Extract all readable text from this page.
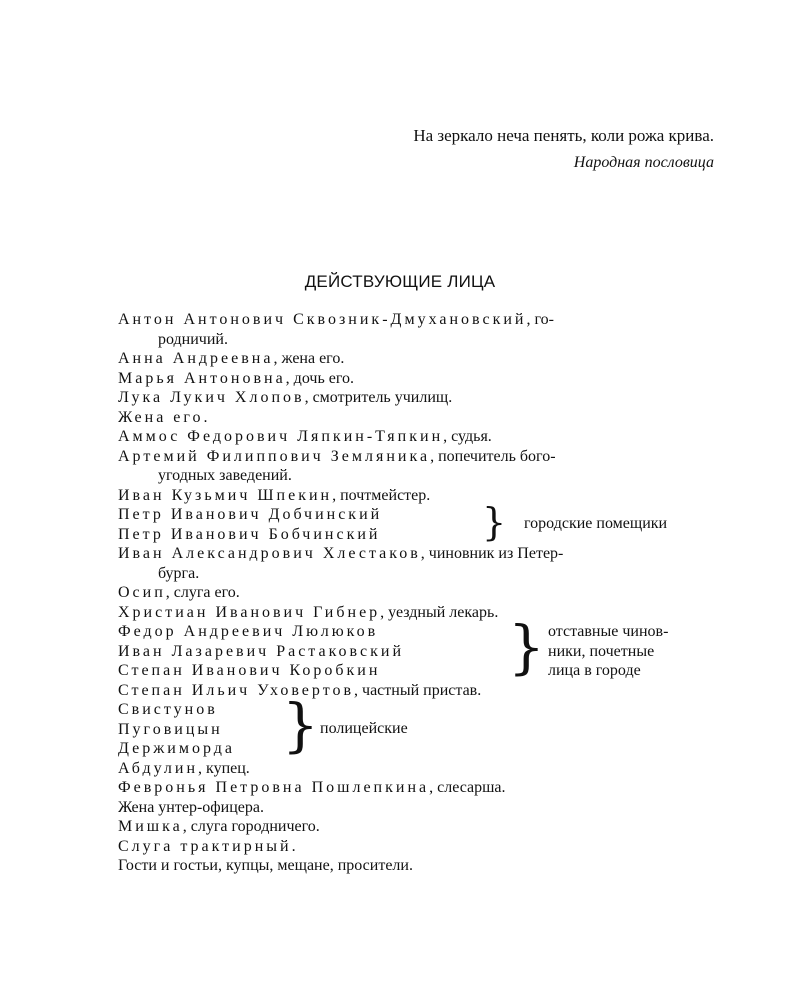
На зеркало неча пенять, коли рожа крива.
Народная пословица
ДЕЙСТВУЮЩИЕ ЛИЦА
Антон Антонович Сквозник-Дмухановский, го-
родничий.
Анна Андреевна, жена его.
Марья Антоновна, дочь его.
Лука Лукич Хлопов, смотритель училищ.
Жена его.
Аммос Федорович Ляпкин-Тяпкин, судья.
Артемий Филиппович Земляника, попечитель бого-
угодных заведений.
Иван Кузьмич Шпекин, почтмейстер.
Петр Иванович Добчинский
Петр Иванович Бобчинский	} городские помещики
Иван Александрович Хлестаков, чиновник из Петер-
бурга.
Осип, слуга его.
Христиан Иванович Гибнер, уездный лекарь.
Федор Андреевич Люлюков
Иван Лазаревич Растаковский
Степан Иванович Коробкин	} отставные чинов-
ники, почетные
лица в городе
Степан Ильич Уховертов, частный пристав.
Свистунов
Пуговицын
Держиморда } полицейские
Абдулин, купец.
Февронья Петровна Пошлепкина, слесарша.
Жена унтер-офицера.
Мишка, слуга городничего.
Слуга трактирный.
Гости и гостьи, купцы, мещане, просители.
